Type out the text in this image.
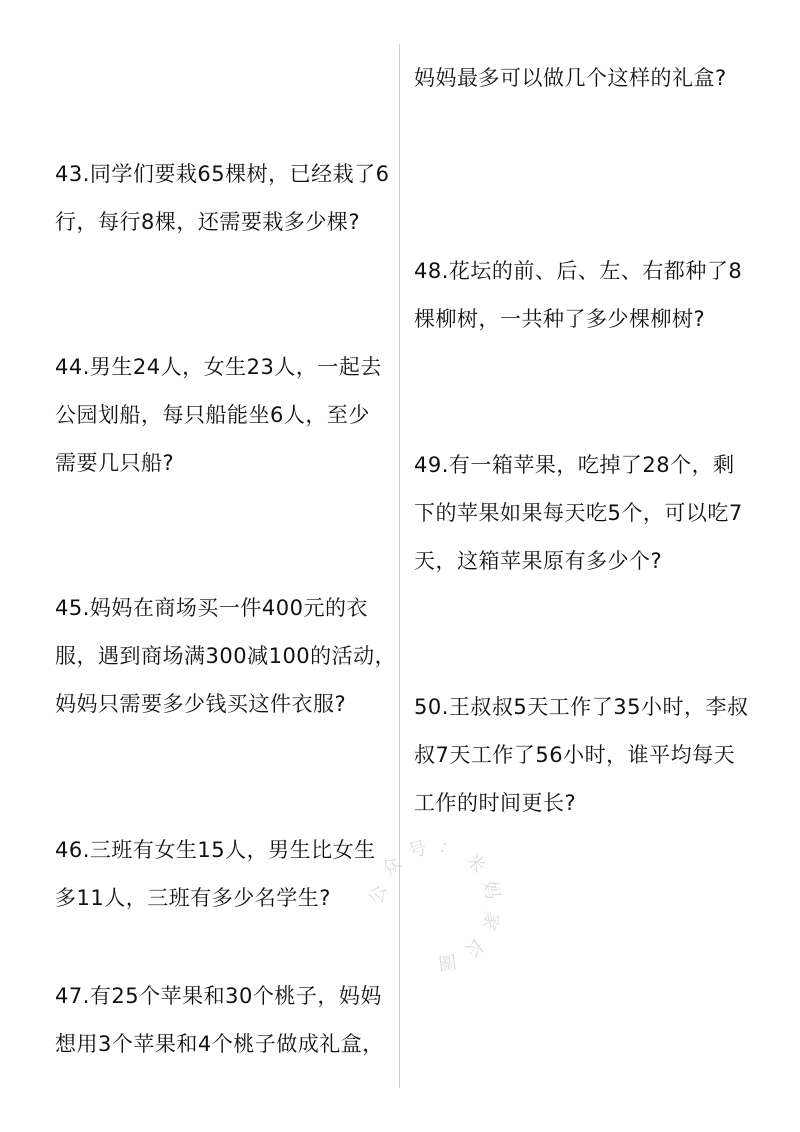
43.同学们要栽65棵树，已经栽了6
行，每行8棵，还需要栽多少棵?
44.男生24人，女生23人，一起去
公园划船，每只船能坐6人，至少
需要几只船?
45.妈妈在商场买一件400元的衣
服，遇到商场满300减100的活动，
妈妈只需要多少钱买这件衣服?
46.三班有女生15人，男生比女生
多11人，三班有多少名学生?
47.有25个苹果和30个桃子，妈妈
想用3个苹果和4个桃子做成礼盒，
妈妈最多可以做几个这样的礼盒?
48.花坛的前、后、左、右都种了8
棵柳树，一共种了多少棵柳树?
49.有一箱苹果，吃掉了28个，剩
下的苹果如果每天吃5个，可以吃7
天，这箱苹果原有多少个?
50.王叔叔5天工作了35小时，李叔
叔7天工作了56小时，谁平均每天
工作的时间更长?
公众号：米妈家长圈
